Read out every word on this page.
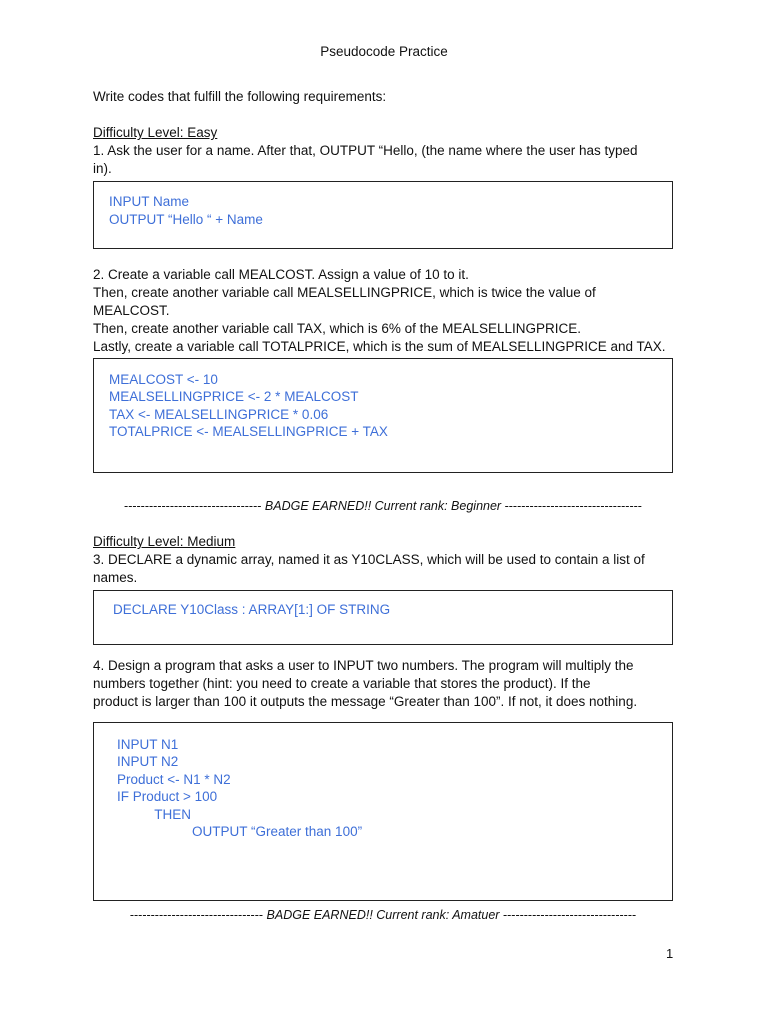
Pseudocode Practice
Write codes that fulfill the following requirements:
Difficulty Level: Easy
1. Ask the user for a name. After that, OUTPUT “Hello, (the name where the user has typed
in).
INPUT Name
OUTPUT “Hello “ + Name
2. Create a variable call MEALCOST. Assign a value of 10 to it.
Then, create another variable call MEALSELLINGPRICE, which is twice the value of
MEALCOST.
Then, create another variable call TAX, which is 6% of the MEALSELLINGPRICE.
Lastly, create a variable call TOTALPRICE, which is the sum of MEALSELLINGPRICE and TAX.
MEALCOST <- 10
MEALSELLINGPRICE <- 2 * MEALCOST
TAX <- MEALSELLINGPRICE * 0.06
TOTALPRICE <- MEALSELLINGPRICE + TAX
--------------------------------- BADGE EARNED!! Current rank: Beginner ---------------------------------
Difficulty Level: Medium
3. DECLARE a dynamic array, named it as Y10CLASS, which will be used to contain a list of
names.
DECLARE Y10Class : ARRAY[1:] OF STRING
4. Design a program that asks a user to INPUT two numbers. The program will multiply the
numbers together (hint: you need to create a variable that stores the product). If the
product is larger than 100 it outputs the message “Greater than 100”. If not, it does nothing.
INPUT N1
INPUT N2
Product <- N1 * N2
IF Product > 100
THEN
OUTPUT “Greater than 100”
-------------------------------- BADGE EARNED!! Current rank: Amatuer --------------------------------
1
